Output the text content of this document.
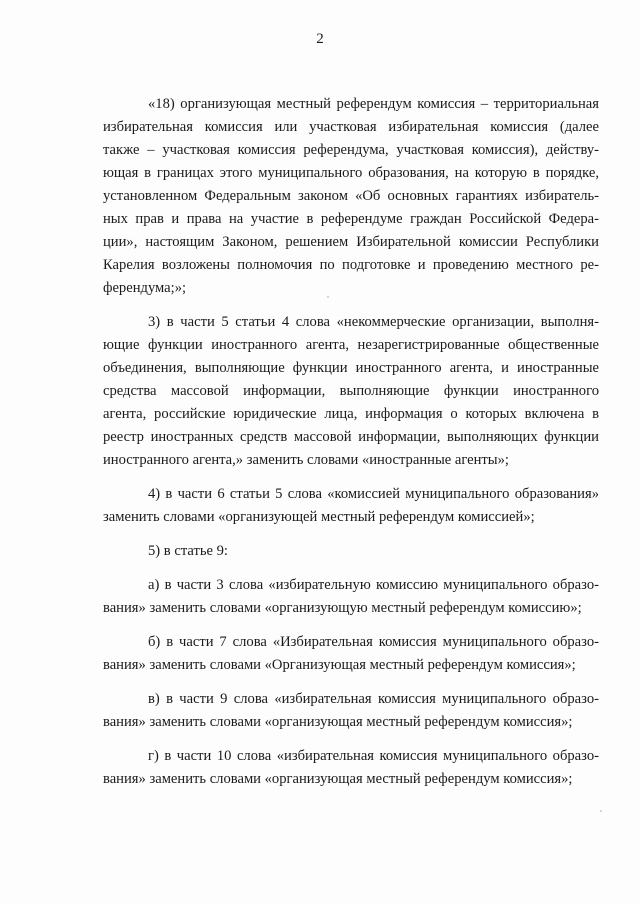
2
«18) организующая местный референдум комиссия – территориальная
избирательная комиссия или участковая избирательная комиссия (далее
также – участковая комиссия референдума, участковая комиссия), действу-
ющая в границах этого муниципального образования, на которую в порядке,
установленном Федеральным законом «Об основных гарантиях избиратель-
ных прав и права на участие в референдуме граждан Российской Федера-
ции», настоящим Законом, решением Избирательной комиссии Республики
Карелия возложены полномочия по подготовке и проведению местного ре-
ферендума;»;
3) в части 5 статьи 4 слова «некоммерческие организации, выполня-
ющие функции иностранного агента, незарегистрированные общественные
объединения, выполняющие функции иностранного агента, и иностранные
средства массовой информации, выполняющие функции иностранного
агента, российские юридические лица, информация о которых включена в
реестр иностранных средств массовой информации, выполняющих функции
иностранного агента,» заменить словами «иностранные агенты»;
4) в части 6 статьи 5 слова «комиссией муниципального образования»
заменить словами «организующей местный референдум комиссией»;
5) в статье 9:
а) в части 3 слова «избирательную комиссию муниципального образо-
вания» заменить словами «организующую местный референдум комиссию»;
б) в части 7 слова «Избирательная комиссия муниципального образо-
вания» заменить словами «Организующая местный референдум комиссия»;
в) в части 9 слова «избирательная комиссия муниципального образо-
вания» заменить словами «организующая местный референдум комиссия»;
г) в части 10 слова «избирательная комиссия муниципального образо-
вания» заменить словами «организующая местный референдум комиссия»;
